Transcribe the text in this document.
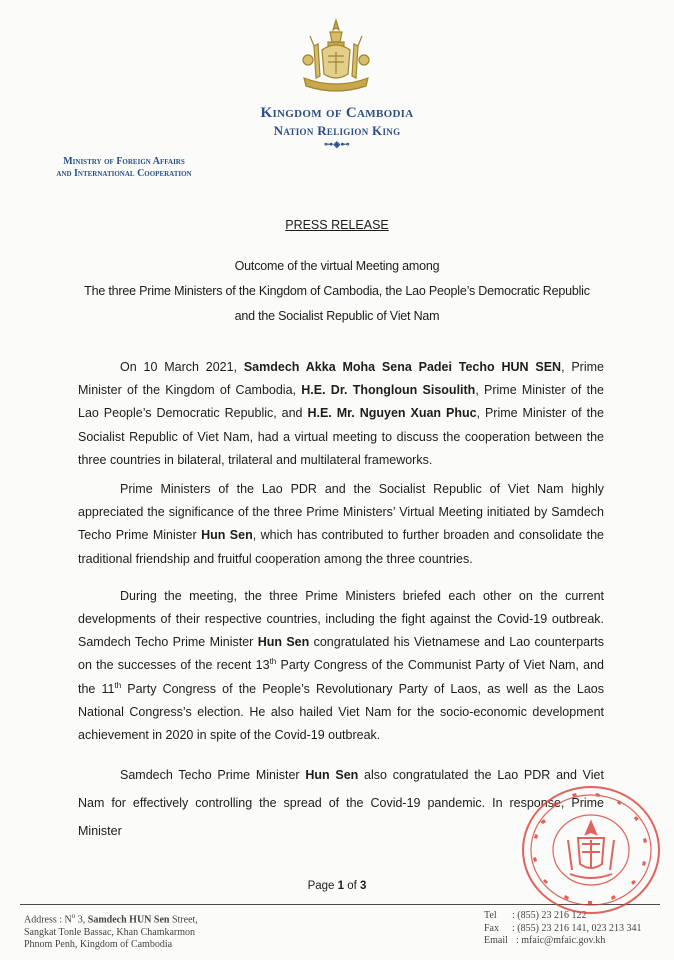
Kingdom of Cambodia
Nation Religion King
⊶◈⊷
Ministry of Foreign Affairs
and International Cooperation
PRESS RELEASE
Outcome of the virtual Meeting among
The three Prime Ministers of the Kingdom of Cambodia, the Lao People’s Democratic Republic
and the Socialist Republic of Viet Nam

On 10 March 2021, Samdech Akka Moha Sena Padei Techo HUN SEN, Prime Minister of the Kingdom of Cambodia, H.E. Dr. Thongloun Sisoulith, Prime Minister of the Lao People’s Democratic Republic, and H.E. Mr. Nguyen Xuan Phuc, Prime Minister of the Socialist Republic of Viet Nam, had a virtual meeting to discuss the cooperation between the three countries in bilateral, trilateral and multilateral frameworks.

Prime Ministers of the Lao PDR and the Socialist Republic of Viet Nam highly appreciated the significance of the three Prime Ministers’ Virtual Meeting initiated by Samdech Techo Prime Minister Hun Sen, which has contributed to further broaden and consolidate the traditional friendship and fruitful cooperation among the three countries.

During the meeting, the three Prime Ministers briefed each other on the current developments of their respective countries, including the fight against the Covid-19 outbreak. Samdech Techo Prime Minister Hun Sen congratulated his Vietnamese and Lao counterparts on the successes of the recent 13th Party Congress of the Communist Party of Viet Nam, and the 11th Party Congress of the People’s Revolutionary Party of Laos, as well as the Laos National Congress’s election. He also hailed Viet Nam for the socio-economic development achievement in 2020 in spite of the Covid-19 outbreak.

Samdech Techo Prime Minister Hun Sen also congratulated the Lao PDR and Viet Nam for effectively controlling the spread of the Covid-19 pandemic. In response, Prime Minister

Page 1 of 3
Address : $N^o$ 3, Samdech HUN Sen Street,
Sangkat Tonle Bassac, Khan Chamkarmon
Phnom Penh, Kingdom of Cambodia
Tel : (855) 23 216 122
Fax : (855) 23 216 141, 023 213 341
Email : mfaic@mfaic.gov.kh
